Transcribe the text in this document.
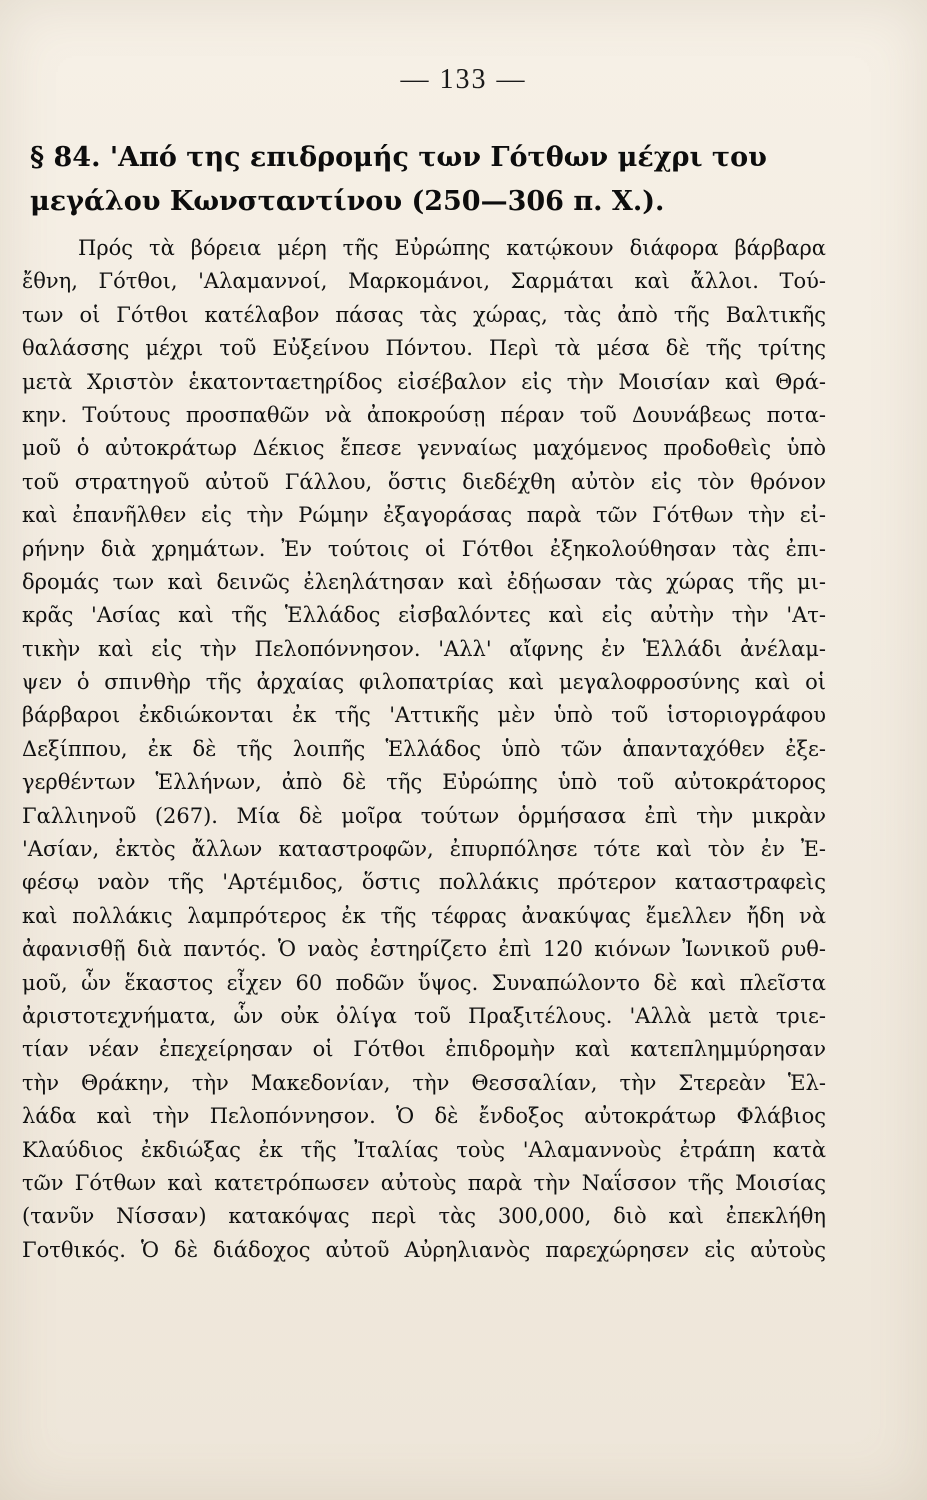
— 133 —
§ 84. 'Από της επιδρομής των Γότθων μέχρι του
μεγάλου Κωνσταντίνου (250—306 π. Χ.).
Πρός τὰ βόρεια μέρη τῆς Εὐρώπης κατῴκουν διάφορα βάρβαρα
ἔθνη, Γότθοι, 'Αλαμαννοί, Μαρκομάνοι, Σαρμάται καὶ ἄλλοι. Τού-
των οἱ Γότθοι κατέλαβον πάσας τὰς χώρας, τὰς ἀπὸ τῆς Βαλτικῆς
θαλάσσης μέχρι τοῦ Εὐξείνου Πόντου. Περὶ τὰ μέσα δὲ τῆς τρίτης
μετὰ Χριστὸν ἑκατονταετηρίδος εἰσέβαλον εἰς τὴν Μοισίαν καὶ Θρά-
κην. Τούτους προσπαθῶν νὰ ἀποκρούσῃ πέραν τοῦ Δουνάβεως ποτα-
μοῦ ὁ αὐτοκράτωρ Δέκιος ἔπεσε γενναίως μαχόμενος προδοθεὶς ὑπὸ
τοῦ στρατηγοῦ αὐτοῦ Γάλλου, ὅστις διεδέχθη αὐτὸν εἰς τὸν θρόνον
καὶ ἐπανῆλθεν εἰς τὴν Ρώμην ἐξαγοράσας παρὰ τῶν Γότθων τὴν εἰ-
ρήνην διὰ χρημάτων. Ἐν τούτοις οἱ Γότθοι ἐξηκολούθησαν τὰς ἐπι-
δρομάς των καὶ δεινῶς ἐλεηλάτησαν καὶ ἐδῄωσαν τὰς χώρας τῆς μι-
κρᾶς 'Ασίας καὶ τῆς Ἑλλάδος εἰσβαλόντες καὶ εἰς αὐτὴν τὴν 'Ατ-
τικὴν καὶ εἰς τὴν Πελοπόννησον. 'Αλλ' αἴφνης ἐν Ἑλλάδι ἀνέλαμ-
ψεν ὁ σπινθὴρ τῆς ἀρχαίας φιλοπατρίας καὶ μεγαλοφροσύνης καὶ οἱ
βάρβαροι ἐκδιώκονται ἐκ τῆς 'Αττικῆς μὲν ὑπὸ τοῦ ἱστοριογράφου
Δεξίππου, ἐκ δὲ τῆς λοιπῆς Ἑλλάδος ὑπὸ τῶν ἁπανταχόθεν ἐξε-
γερθέντων Ἑλλήνων, ἀπὸ δὲ τῆς Εὐρώπης ὑπὸ τοῦ αὐτοκράτορος
Γαλλιηνοῦ (267). Μία δὲ μοῖρα τούτων ὁρμήσασα ἐπὶ τὴν μικρὰν
'Ασίαν, ἐκτὸς ἄλλων καταστροφῶν, ἐπυρπόλησε τότε καὶ τὸν ἐν Ἐ-
φέσῳ ναὸν τῆς 'Αρτέμιδος, ὅστις πολλάκις πρότερον καταστραφεὶς
καὶ πολλάκις λαμπρότερος ἐκ τῆς τέφρας ἀνακύψας ἔμελλεν ἤδη νὰ
ἀφανισθῇ διὰ παντός. Ὁ ναὸς ἐστηρίζετο ἐπὶ 120 κιόνων Ἰωνικοῦ ρυθ-
μοῦ, ὧν ἕκαστος εἶχεν 60 ποδῶν ὕψος. Συναπώλοντο δὲ καὶ πλεῖστα
ἀριστοτεχνήματα, ὧν οὐκ ὀλίγα τοῦ Πραξιτέλους. 'Αλλὰ μετὰ τριε-
τίαν νέαν ἐπεχείρησαν οἱ Γότθοι ἐπιδρομὴν καὶ κατεπλημμύρησαν
τὴν Θράκην, τὴν Μακεδονίαν, τὴν Θεσσαλίαν, τὴν Στερεὰν Ἑλ-
λάδα καὶ τὴν Πελοπόννησον. Ὁ δὲ ἔνδοξος αὐτοκράτωρ Φλάβιος
Κλαύδιος ἐκδιώξας ἐκ τῆς Ἰταλίας τοὺς 'Αλαμαννοὺς ἐτράπη κατὰ
τῶν Γότθων καὶ κατετρόπωσεν αὐτοὺς παρὰ τὴν Ναΐσσον τῆς Μοισίας
(τανῦν Νίσσαν) κατακόψας περὶ τὰς 300,000, διὸ καὶ ἐπεκλήθη
Γοτθικός. Ὁ δὲ διάδοχος αὐτοῦ Αὐρηλιανὸς παρεχώρησεν εἰς αὐτοὺς
